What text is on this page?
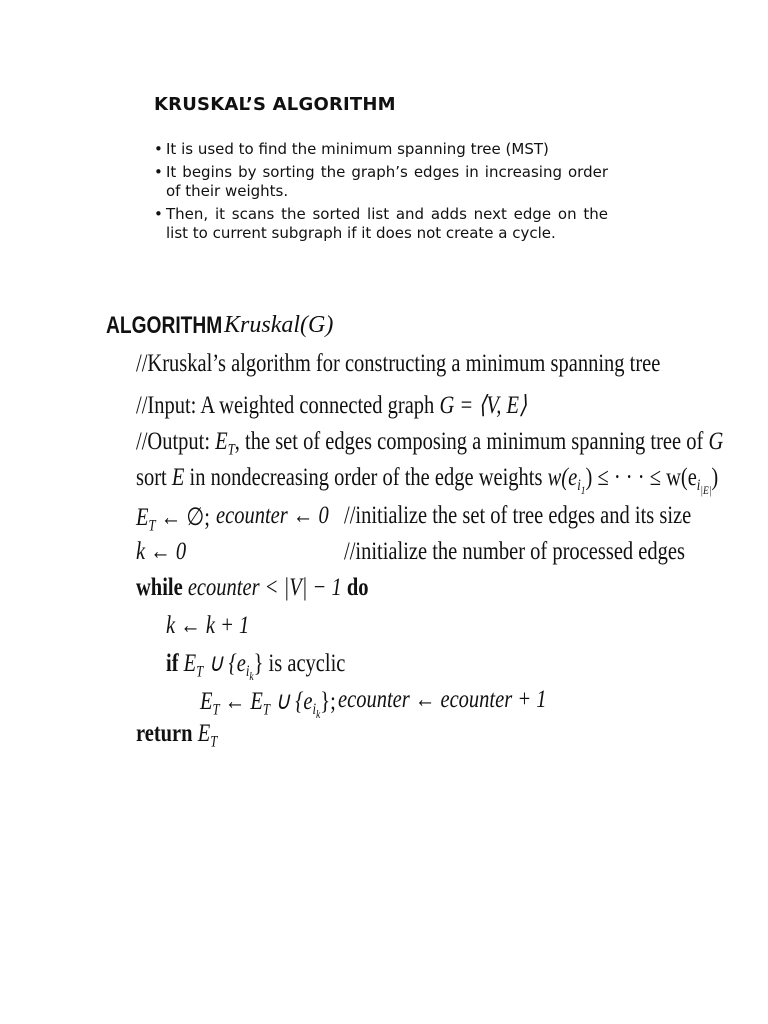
KRUSKAL’S ALGORITHM
• It is used to find the minimum spanning tree (MST)
• It begins by sorting the graph’s edges in increasing order of their weights.
• Then, it scans the sorted list and adds next edge on the list to current subgraph if it does not create a cycle.
ALGORITHM Kruskal(G)
//Kruskal’s algorithm for constructing a minimum spanning tree
//Input: A weighted connected graph G = ⟨V, E⟩
//Output: $E_T$, the set of edges composing a minimum spanning tree of G
sort E in nondecreasing order of the edge weights $w(e_{i_1})$ ≤ · · · ≤ $w(e_{i_{|E|}})$
$E_T$ ← ∅; ecounter ← 0 //initialize the set of tree edges and its size
k ← 0	//initialize the number of processed edges
while ecounter < |V| − 1 do
k ← k + 1
if $E_T$ ∪ $\{e_{i_k}\}$ is acyclic
$E_T$ ← $E_T$ ∪ $\{e_{i_k}\}$; ecounter ← ecounter + 1
return $E_T$
